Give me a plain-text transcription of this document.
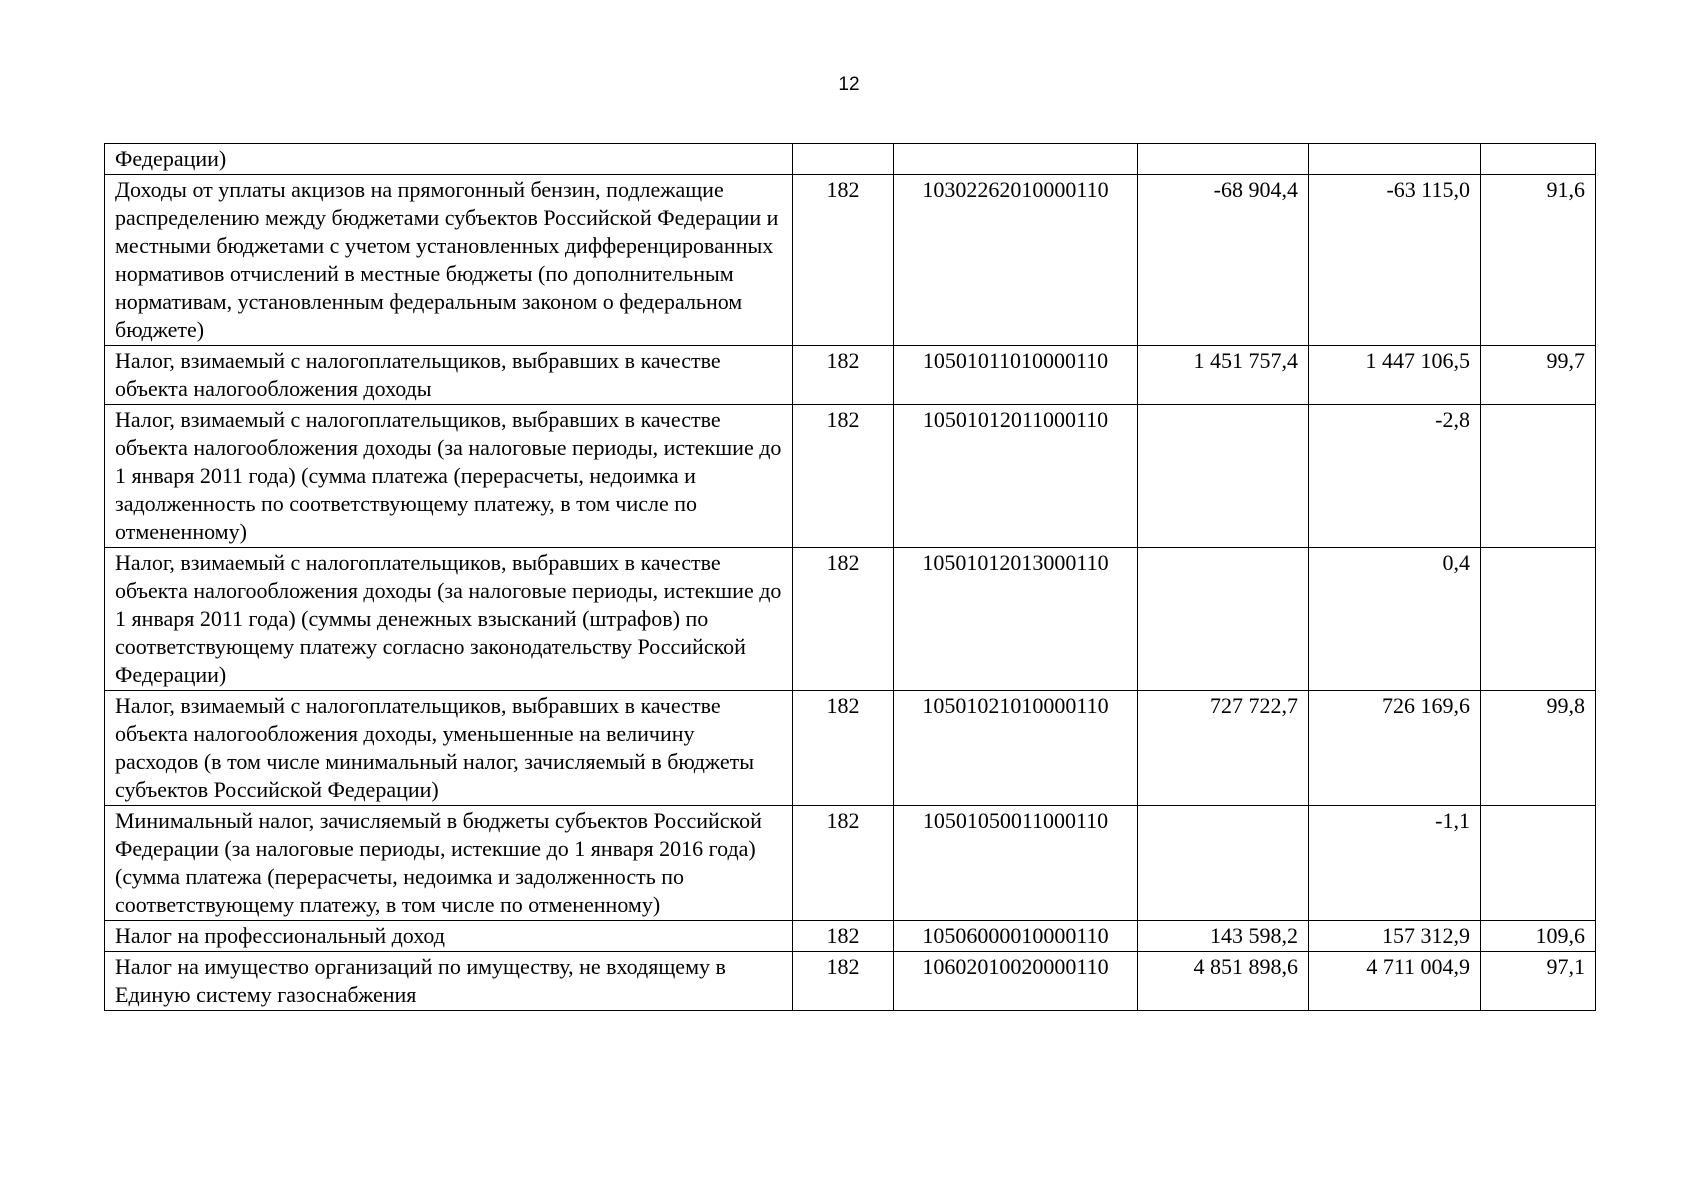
12
Федерации)					
Доходы от уплаты акцизов на прямогонный бензин, подлежащие распределению между бюджетами субъектов Российской Федерации и местными бюджетами с учетом установленных дифференцированных нормативов отчислений в местные бюджеты (по дополнительным нормативам, установленным федеральным законом о федеральном бюджете)	182	10302262010000110	-68 904,4	-63 115,0	91,6
Налог, взимаемый с налогоплательщиков, выбравших в качестве объекта налогообложения доходы	182	10501011010000110	1 451 757,4	1 447 106,5	99,7
Налог, взимаемый с налогоплательщиков, выбравших в качестве объекта налогообложения доходы (за налоговые периоды, истекшие до 1 января 2011 года) (сумма платежа (перерасчеты, недоимка и задолженность по соответствующему платежу, в том числе по отмененному)	182	10501012011000110		-2,8	
Налог, взимаемый с налогоплательщиков, выбравших в качестве объекта налогообложения доходы (за налоговые периоды, истекшие до 1 января 2011 года) (суммы денежных взысканий (штрафов) по соответствующему платежу согласно законодательству Российской Федерации)	182	10501012013000110		0,4	
Налог, взимаемый с налогоплательщиков, выбравших в качестве объекта налогообложения доходы, уменьшенные на величину расходов (в том числе минимальный налог, зачисляемый в бюджеты субъектов Российской Федерации)	182	10501021010000110	727 722,7	726 169,6	99,8
Минимальный налог, зачисляемый в бюджеты субъектов Российской Федерации (за налоговые периоды, истекшие до 1 января 2016 года) (сумма платежа (перерасчеты, недоимка и задолженность по соответствующему платежу, в том числе по отмененному)	182	10501050011000110		-1,1	
Налог на профессиональный доход	182	10506000010000110	143 598,2	157 312,9	109,6
Налог на имущество организаций по имуществу, не входящему в Единую систему газоснабжения	182	10602010020000110	4 851 898,6	4 711 004,9	97,1
